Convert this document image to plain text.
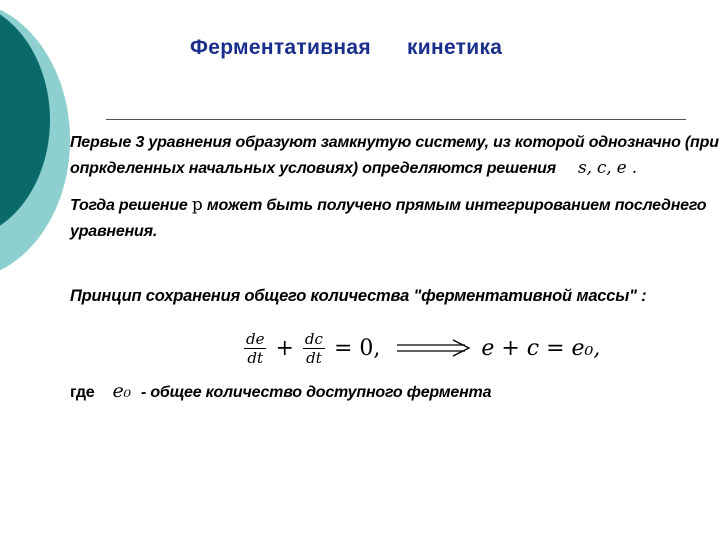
Ферментативная кинетика
Первые 3 уравнения образуют замкнутую систему, из которой однозначно (при
опркделенных начальных условиях) определяются решения s, c, e .
Тогда решение p может быть получено прямым интегрированием последнего
уравнения.
Принцип сохранения общего количества "ферментативной массы" :
$\frac{de}{dt} + \frac{dc}{dt} = 0$,	e + c = e₀,
где e₀ - общее количество доступного фермента
